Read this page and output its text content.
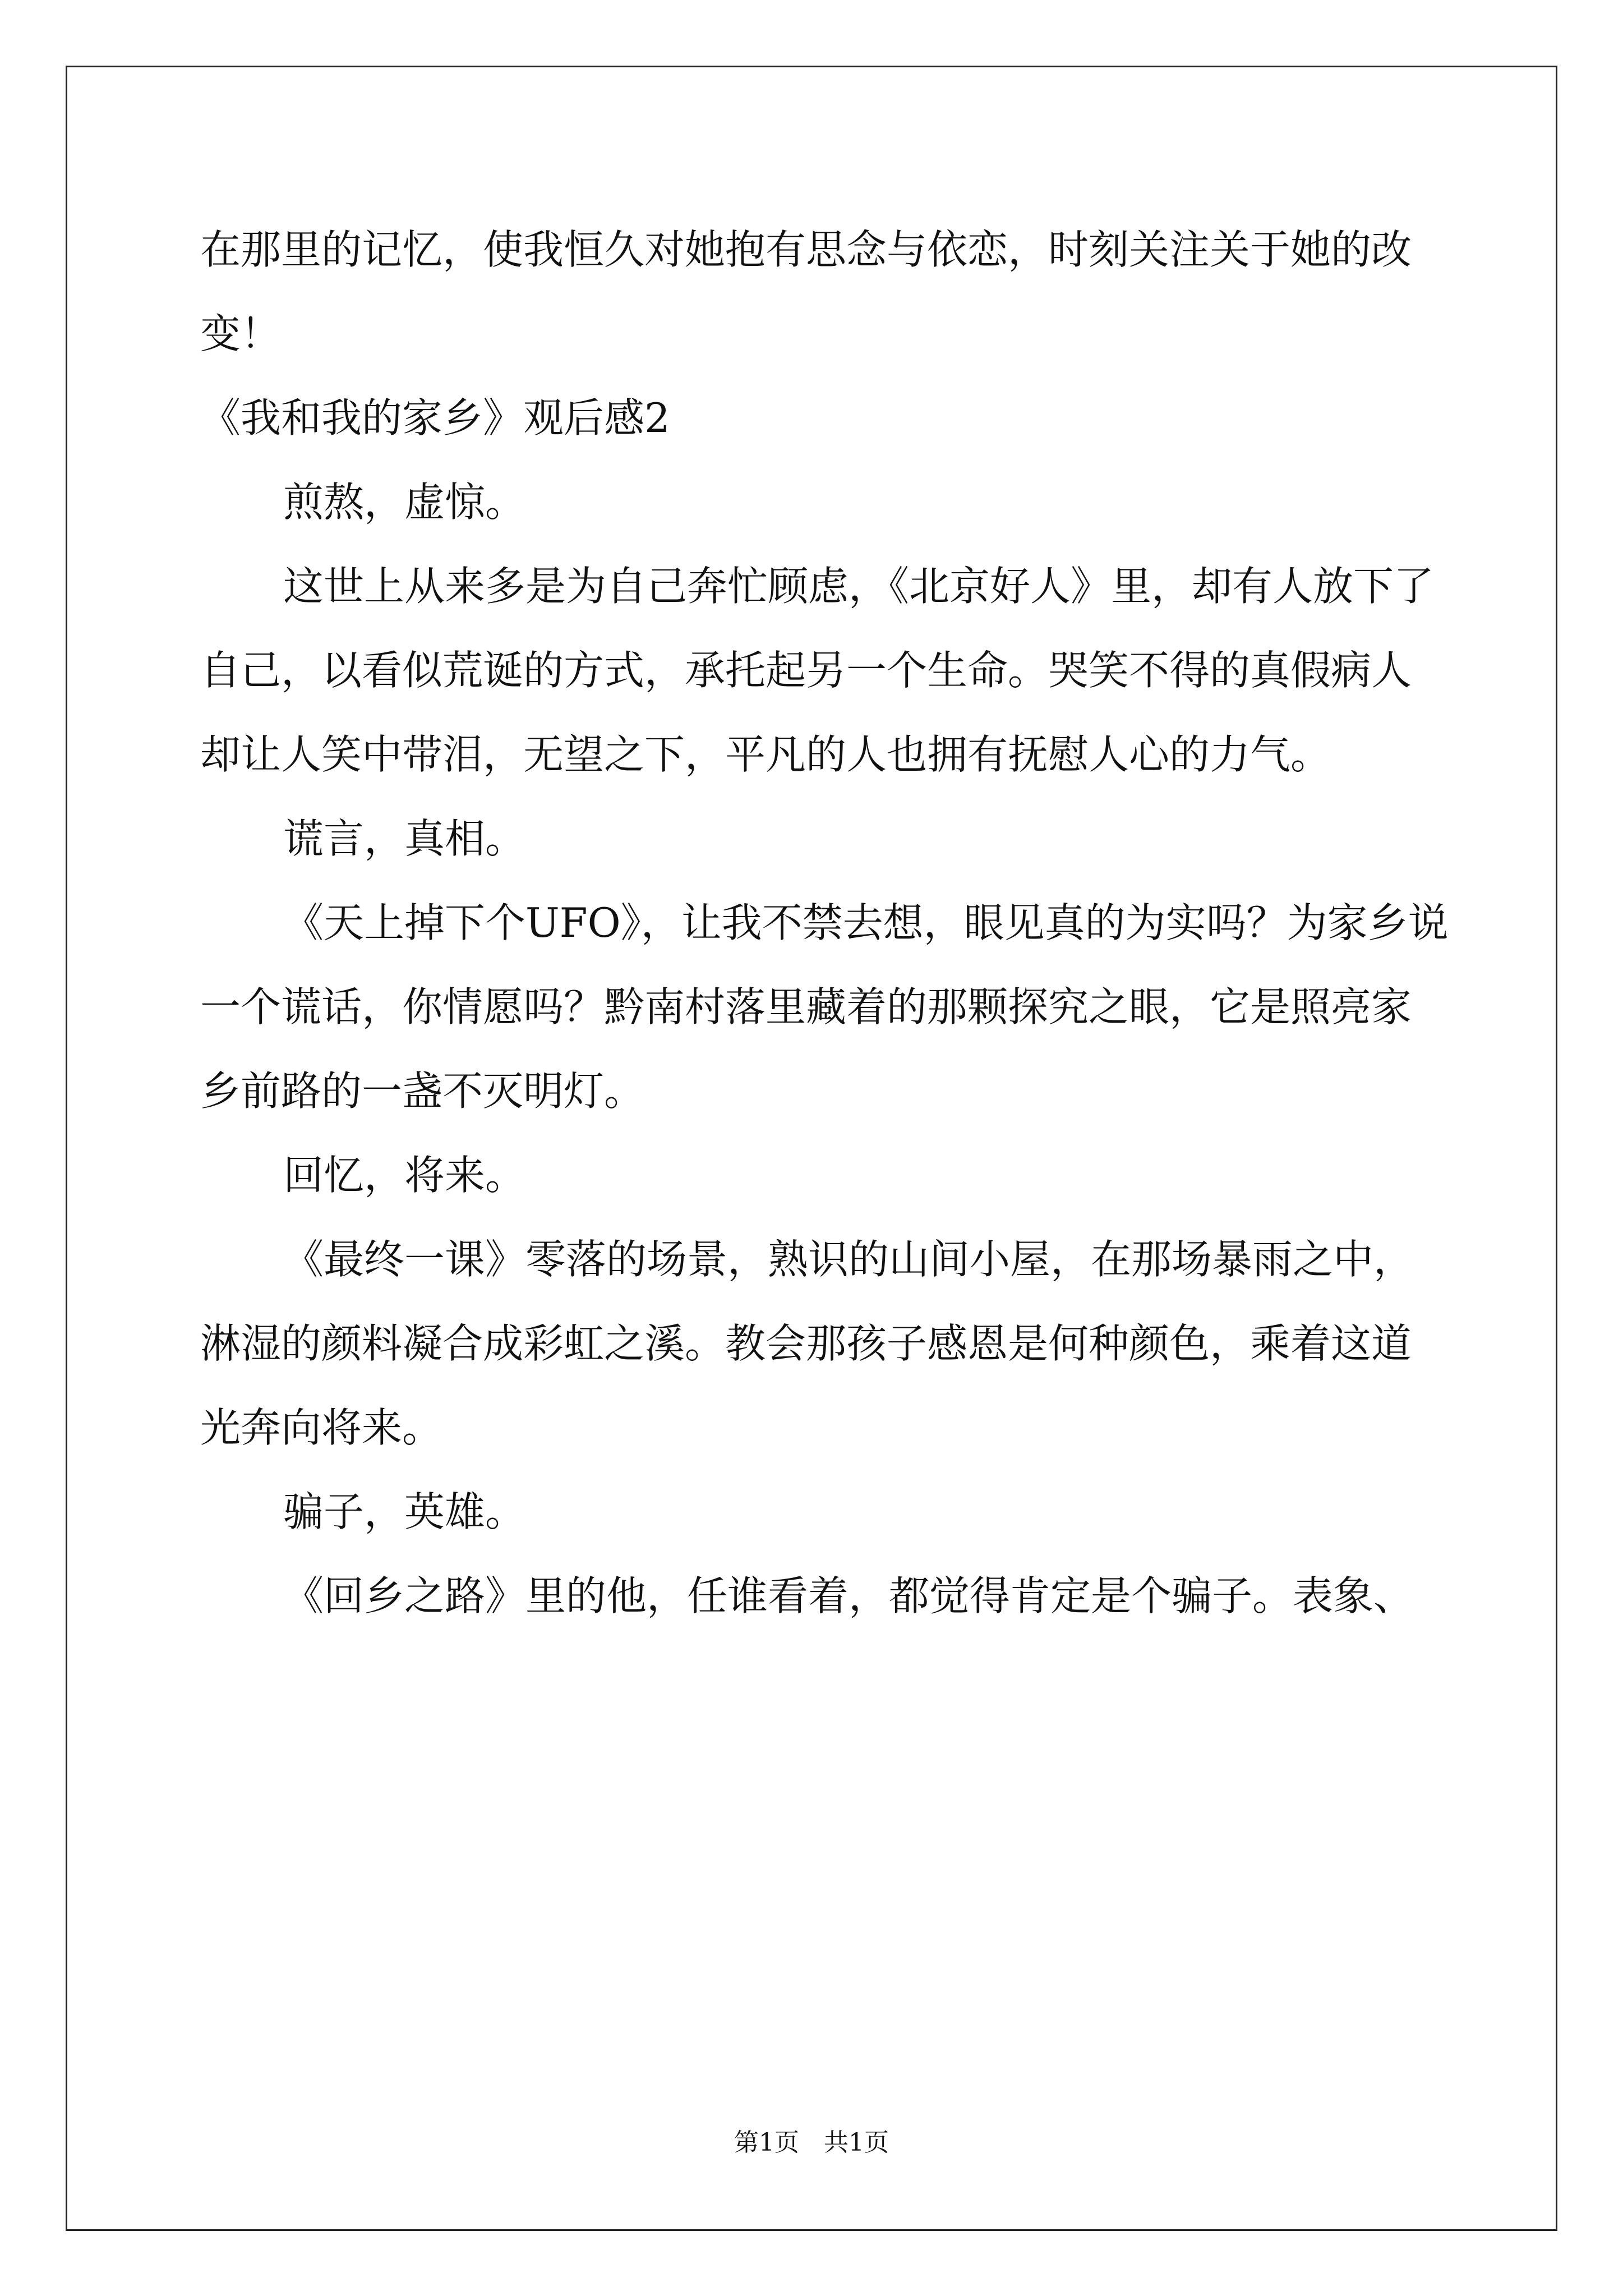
在那里的记忆，使我恒久对她抱有思念与依恋，时刻关注关于她的改
变！
《我和我的家乡》观后感2
煎熬，虚惊。
这世上从来多是为自己奔忙顾虑，《北京好人》里，却有人放下了
自己，以看似荒诞的方式，承托起另一个生命。哭笑不得的真假病人
却让人笑中带泪，无望之下，平凡的人也拥有抚慰人心的力气。
谎言，真相。
《天上掉下个UFO》，让我不禁去想，眼见真的为实吗？为家乡说
一个谎话，你情愿吗？黔南村落里藏着的那颗探究之眼，它是照亮家
乡前路的一盏不灭明灯。
回忆，将来。
《最终一课》零落的场景，熟识的山间小屋，在那场暴雨之中，
淋湿的颜料凝合成彩虹之溪。教会那孩子感恩是何种颜色，乘着这道
光奔向将来。
骗子，英雄。
《回乡之路》里的他，任谁看着，都觉得肯定是个骗子。表象、
第1页　共1页
